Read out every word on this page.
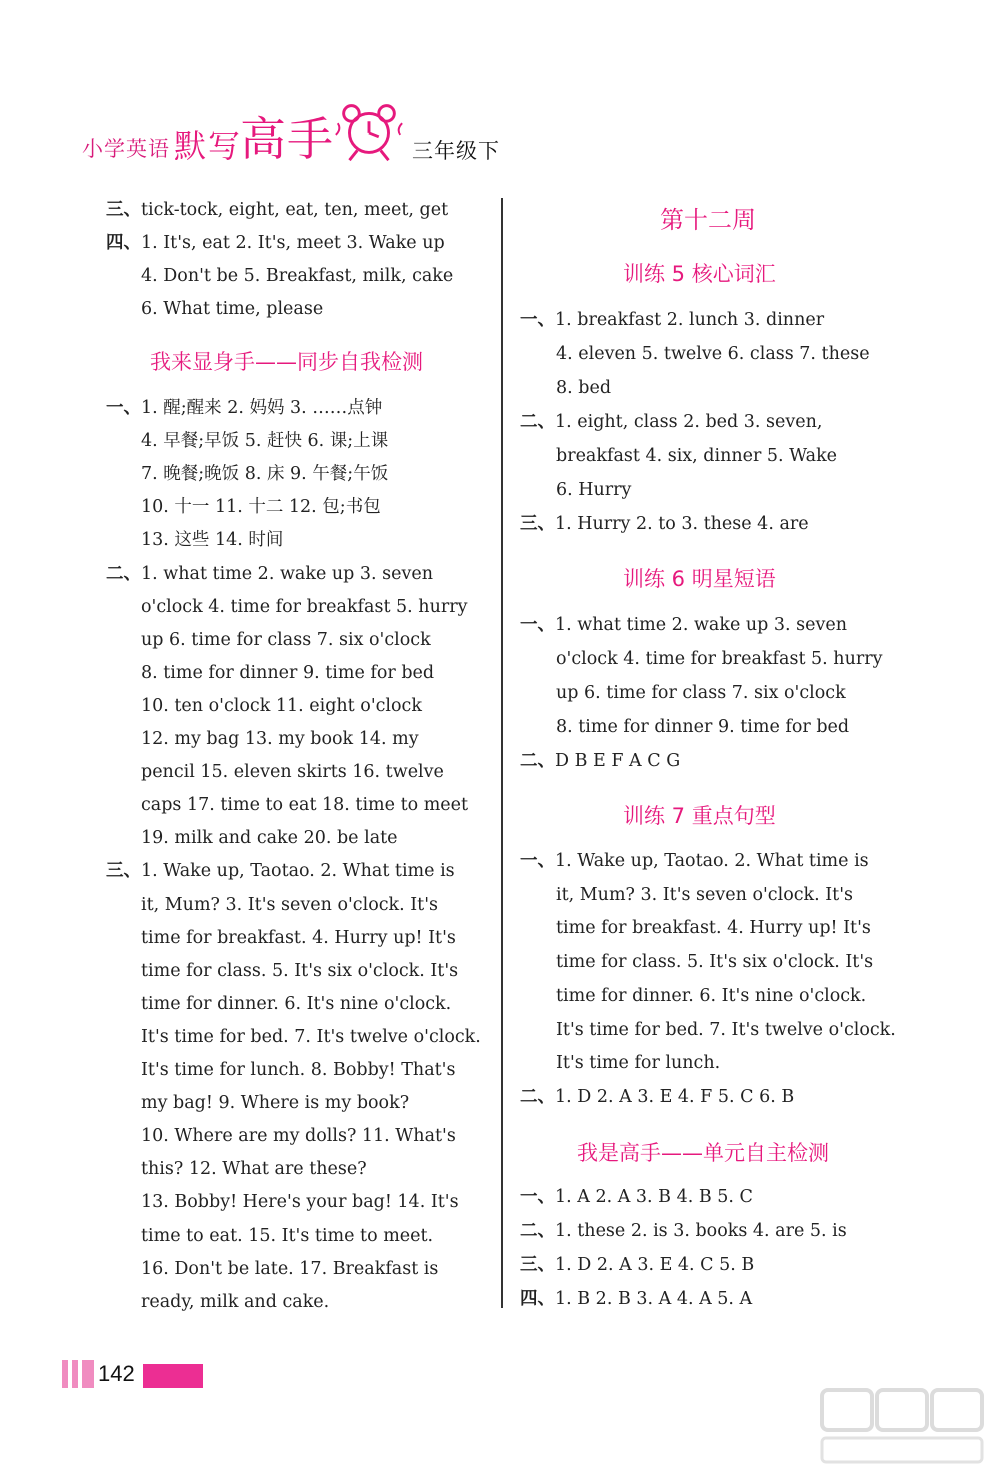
小学英语 默写
高手	三年级下
三、tick-tock, eight, eat, ten, meet, get
四、1. It's, eat 2. It's, meet 3. Wake up
4. Don't be 5. Breakfast, milk, cake
6. What time, please
我来显身手——同步自我检测
一、1. 醒;醒来 2. 妈妈 3. ……点钟
4. 早餐;早饭 5. 赶快 6. 课;上课
7. 晚餐;晚饭 8. 床 9. 午餐;午饭
10. 十一 11. 十二 12. 包;书包
13. 这些 14. 时间
二、1. what time 2. wake up 3. seven
o'clock 4. time for breakfast 5. hurry
up 6. time for class 7. six o'clock
8. time for dinner 9. time for bed
10. ten o'clock 11. eight o'clock
12. my bag 13. my book 14. my
pencil 15. eleven skirts 16. twelve
caps 17. time to eat 18. time to meet
19. milk and cake 20. be late
三、1. Wake up, Taotao. 2. What time is
it, Mum? 3. It's seven o'clock. It's
time for breakfast. 4. Hurry up! It's
time for class. 5. It's six o'clock. It's
time for dinner. 6. It's nine o'clock.
It's time for bed. 7. It's twelve o'clock.
It's time for lunch. 8. Bobby! That's
my bag! 9. Where is my book?
10. Where are my dolls? 11. What's
this? 12. What are these?
13. Bobby! Here's your bag! 14. It's
time to eat. 15. It's time to meet.
16. Don't be late. 17. Breakfast is
ready, milk and cake.
第十二周
训练 5 核心词汇
一、1. breakfast 2. lunch 3. dinner
4. eleven 5. twelve 6. class 7. these
8. bed
二、1. eight, class 2. bed 3. seven,
breakfast 4. six, dinner 5. Wake
6. Hurry
三、1. Hurry 2. to 3. these 4. are
训练 6 明星短语
一、1. what time 2. wake up 3. seven
o'clock 4. time for breakfast 5. hurry
up 6. time for class 7. six o'clock
8. time for dinner 9. time for bed
二、D B E F A C G
训练 7 重点句型
一、1. Wake up, Taotao. 2. What time is
it, Mum? 3. It's seven o'clock. It's
time for breakfast. 4. Hurry up! It's
time for class. 5. It's six o'clock. It's
time for dinner. 6. It's nine o'clock.
It's time for bed. 7. It's twelve o'clock.
It's time for lunch.
二、1. D 2. A 3. E 4. F 5. C 6. B
我是高手——单元自主检测
一、1. A 2. A 3. B 4. B 5. C
二、1. these 2. is 3. books 4. are 5. is
三、1. D 2. A 3. E 4. C 5. B
四、1. B 2. B 3. A 4. A 5. A
142
